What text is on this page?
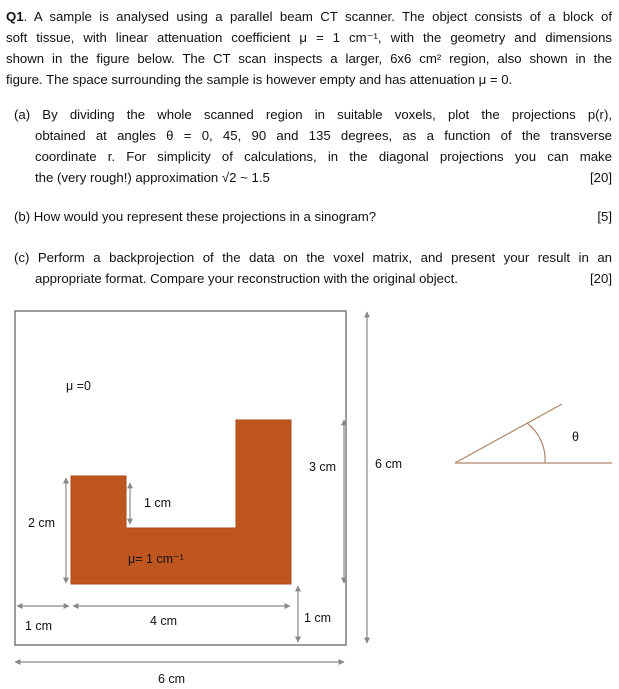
Q1. A sample is analysed using a parallel beam CT scanner. The object consists of a block of
soft tissue, with linear attenuation coefficient μ = 1 cm⁻¹, with the geometry and dimensions
shown in the figure below. The CT scan inspects a larger, 6x6 cm² region, also shown in the
figure. The space surrounding the sample is however empty and has attenuation μ = 0.
(a) By dividing the whole scanned region in suitable voxels, plot the projections p(r),
obtained at angles θ = 0, 45, 90 and 135 degrees, as a function of the transverse
coordinate r. For simplicity of calculations, in the diagonal projections you can make
the (very rough!) approximation √2 ~ 1.5	[20]
(b) How would you represent these projections in a sinogram?	[5]
(c) Perform a backprojection of the data on the voxel matrix, and present your result in an
appropriate format. Compare your reconstruction with the original object.	[20]
μ =0
μ= 1 cm⁻¹
1 cm
2 cm
3 cm	6 cm
1 cm	4 cm	1 cm
6 cm
θ
